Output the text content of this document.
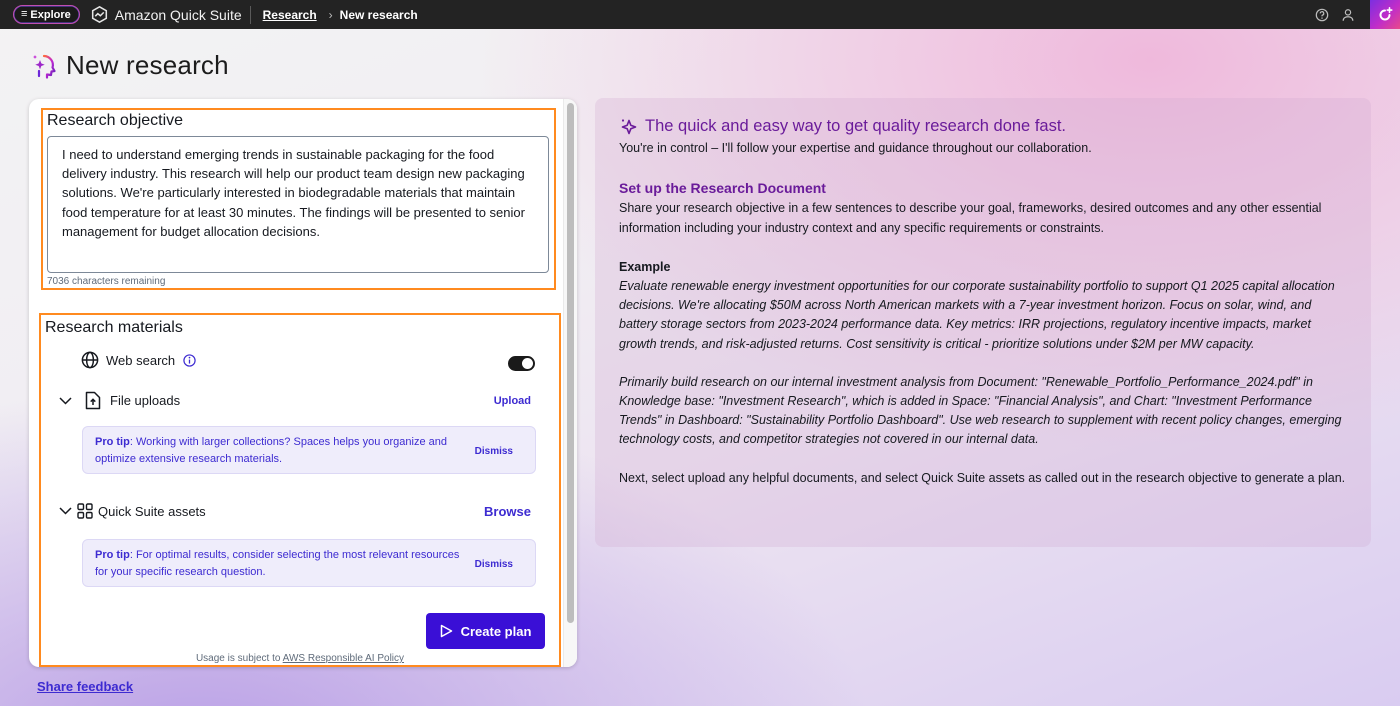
≡ Explore	Amazon Quick Suite Research › New research
New research
Research objective
I need to understand emerging trends in sustainable packaging for the food delivery industry. This research will help our product team design new packaging solutions. We're particularly interested in biodegradable materials that maintain food temperature for at least 30 minutes. The findings will be presented to senior management for budget allocation decisions.
7036 characters remaining
Research materials
Web search
File uploads	Upload
Pro tip: Working with larger collections? Spaces helps you organize and optimize extensive research materials.
Dismiss
Quick Suite assets	Browse
Pro tip: For optimal results, consider selecting the most relevant resources for your specific research question.
Dismiss
Create plan
Usage is subject to AWS Responsible AI Policy
Share feedback
The quick and easy way to get quality research done fast.

You're in control – I'll follow your expertise and guidance throughout our collaboration.

Set up the Research Document

Share your research objective in a few sentences to describe your goal, frameworks, desired outcomes and any other essential information including your industry context and any specific requirements or constraints.

Example

Evaluate renewable energy investment opportunities for our corporate sustainability portfolio to support Q1 2025 capital allocation decisions. We're allocating $50M across North American markets with a 7-year investment horizon. Focus on solar, wind, and battery storage sectors from 2023-2024 performance data. Key metrics: IRR projections, regulatory incentive impacts, market growth trends, and risk-adjusted returns. Cost sensitivity is critical - prioritize solutions under $2M per MW capacity.

Primarily build research on our internal investment analysis from Document: "Renewable_Portfolio_Performance_2024.pdf" in Knowledge base: "Investment Research", which is added in Space: "Financial Analysis", and Chart: "Investment Performance Trends" in Dashboard: "Sustainability Portfolio Dashboard". Use web research to supplement with recent policy changes, emerging technology costs, and competitor strategies not covered in our internal data.

Next, select upload any helpful documents, and select Quick Suite assets as called out in the research objective to generate a plan.
